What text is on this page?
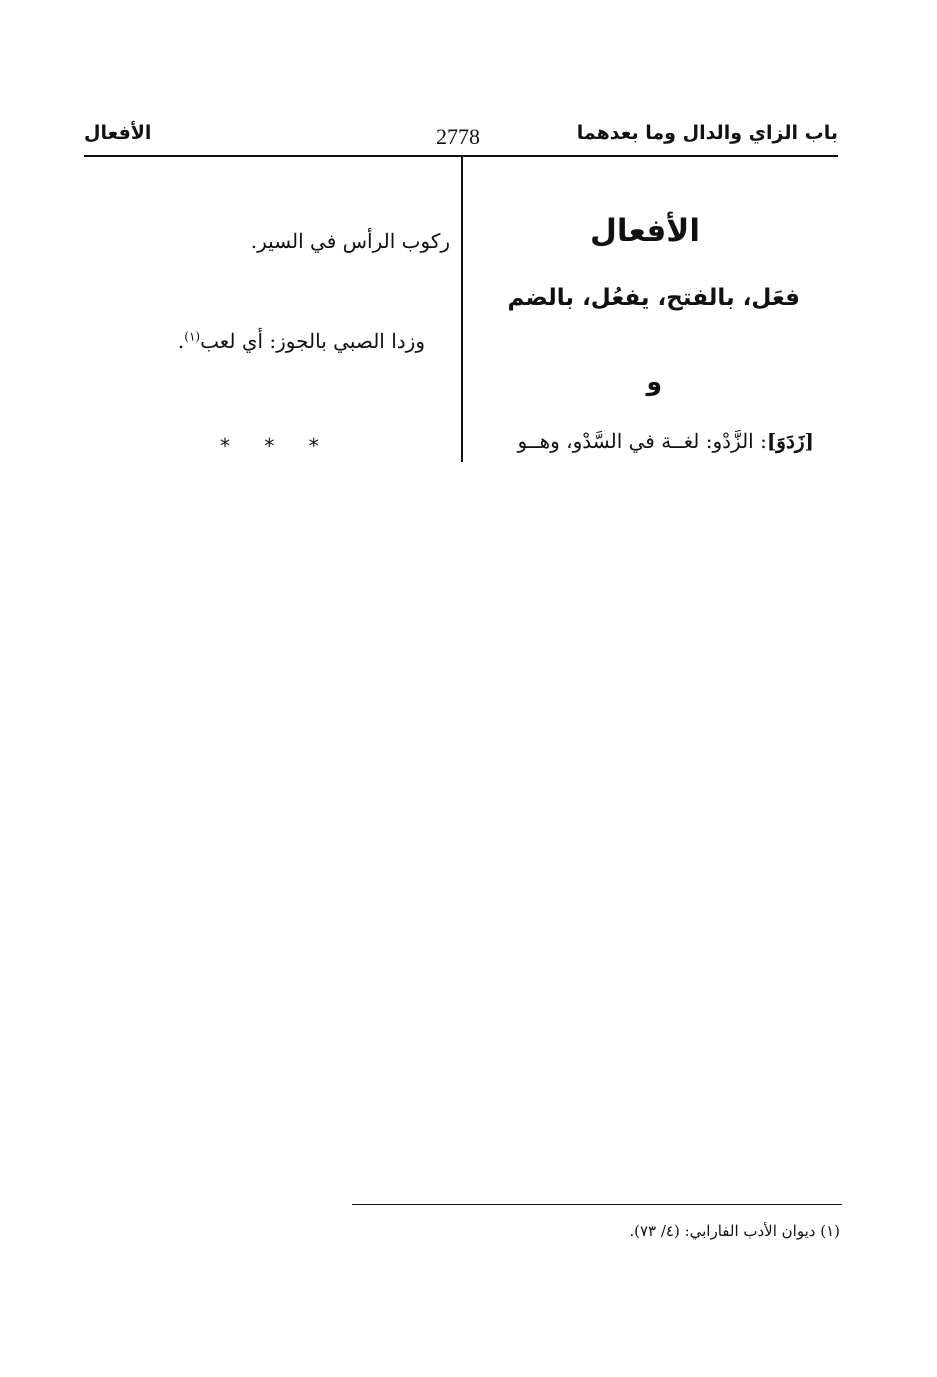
باب الزاي والدال وما بعدهما
2778
الأفعال
الأفعال
فعَل، بالفتح، يفعُل، بالضم
و
[زَدَوَ]: الزَّدْو: لغــة في السَّدْو، وهــو
ركوب الرأس في السير.
وزدا الصبي بالجوز: أي لعب$^{(١)}$.
* * *
(١) ديوان الأدب الفارابي: (٤/ ٧٣).
